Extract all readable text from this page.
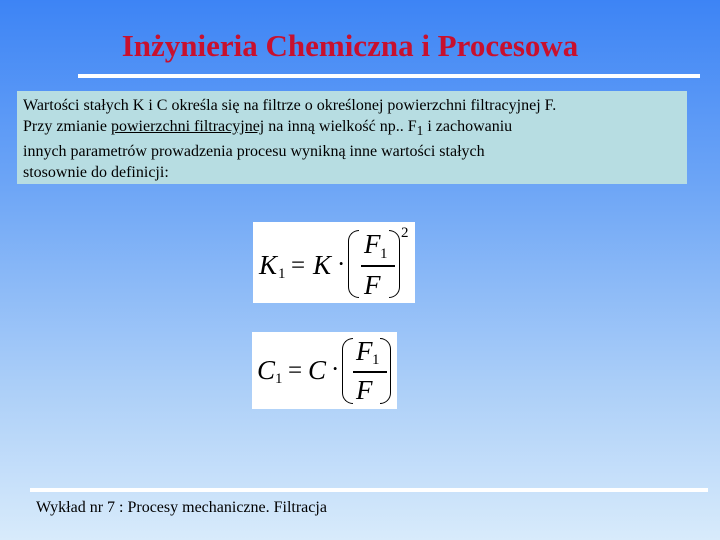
Inżynieria Chemiczna i Procesowa
Wartości stałych K i C określa się na filtrze o określonej powierzchni filtracyjnej F.
Przy zmianie powierzchni filtracyjnej na inną wielkość np.. $F_1$ i zachowaniu
innych parametrów prowadzenia procesu wynikną inne wartości stałych
stosownie do definicji:
K 1 = K ·
F 1
F
2
C 1 = C ·
F 1
F
Wykład nr 7 : Procesy mechaniczne. Filtracja
